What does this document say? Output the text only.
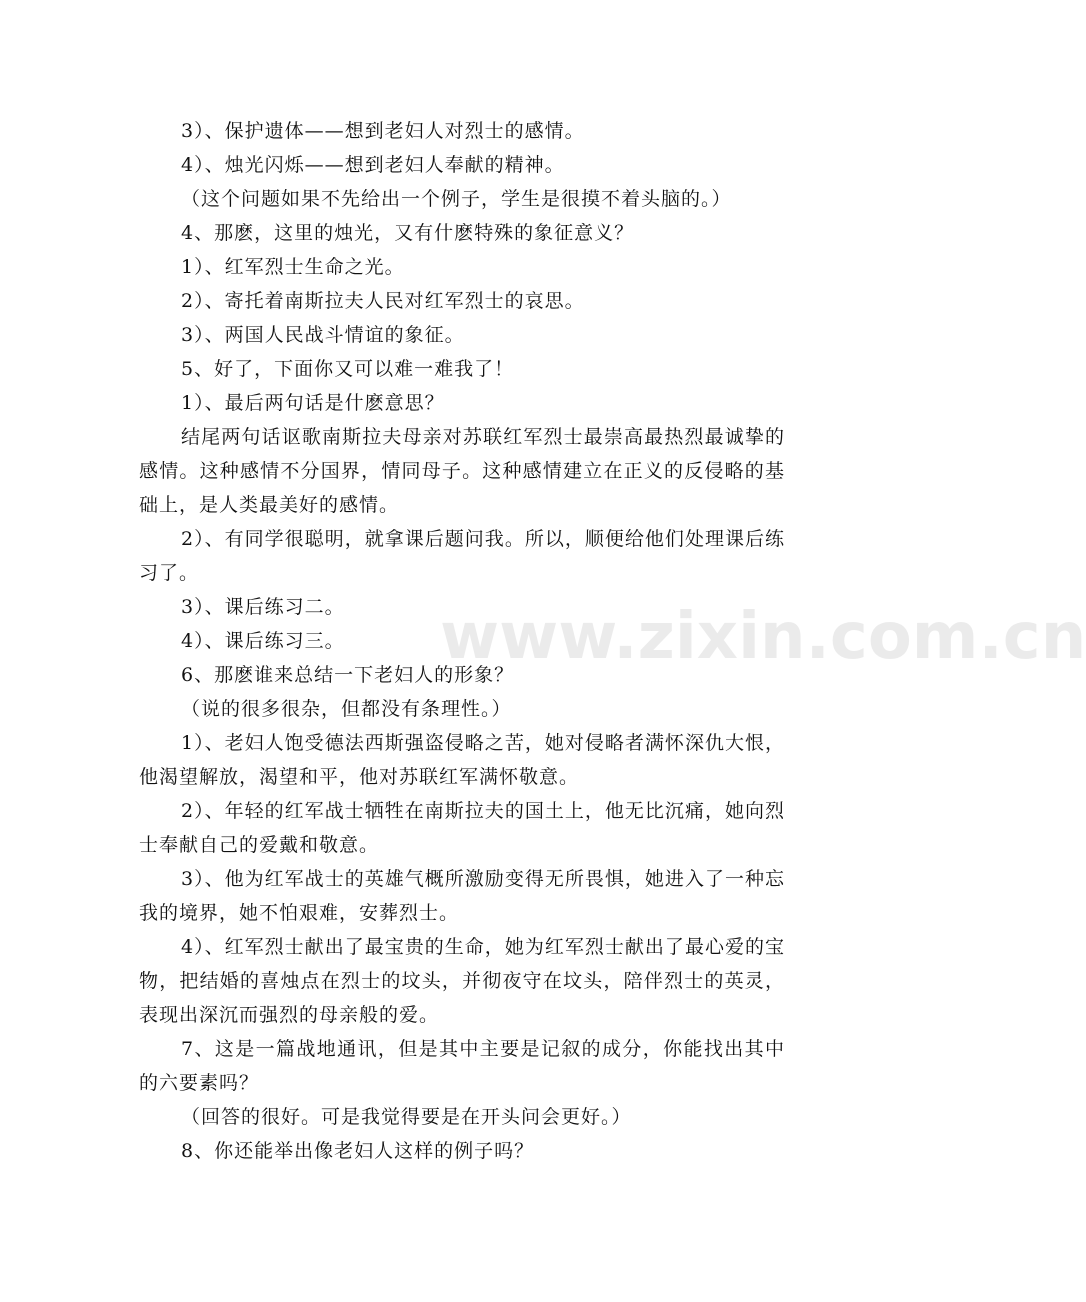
3）、保护遗体——想到老妇人对烈士的感情。

4）、烛光闪烁——想到老妇人奉献的精神。

（这个问题如果不先给出一个例子，学生是很摸不着头脑的。）

4、那麽，这里的烛光，又有什麽特殊的象征意义？

1）、红军烈士生命之光。

2）、寄托着南斯拉夫人民对红军烈士的哀思。

3）、两国人民战斗情谊的象征。

5、好了，下面你又可以难一难我了！

1）、最后两句话是什麽意思？

结尾两句话讴歌南斯拉夫母亲对苏联红军烈士最崇高最热烈最诚挚的感情。这种感情不分国界，情同母子。这种感情建立在正义的反侵略的基础上，是人类最美好的感情。

2）、有同学很聪明，就拿课后题问我。所以，顺便给他们处理课后练习了。

3）、课后练习二。

4）、课后练习三。

6、那麽谁来总结一下老妇人的形象？

（说的很多很杂，但都没有条理性。）

1）、老妇人饱受德法西斯强盗侵略之苦，她对侵略者满怀深仇大恨，他渴望解放，渴望和平，他对苏联红军满怀敬意。

2）、年轻的红军战士牺牲在南斯拉夫的国土上，他无比沉痛，她向烈士奉献自己的爱戴和敬意。

3）、他为红军战士的英雄气概所激励变得无所畏惧，她进入了一种忘我的境界，她不怕艰难，安葬烈士。

4）、红军烈士献出了最宝贵的生命，她为红军烈士献出了最心爱的宝物，把结婚的喜烛点在烈士的坟头，并彻夜守在坟头，陪伴烈士的英灵，表现出深沉而强烈的母亲般的爱。

7、这是一篇战地通讯，但是其中主要是记叙的成分，你能找出其中的六要素吗？

（回答的很好。可是我觉得要是在开头问会更好。）

8、你还能举出像老妇人这样的例子吗？

www.zixin.com.cn
